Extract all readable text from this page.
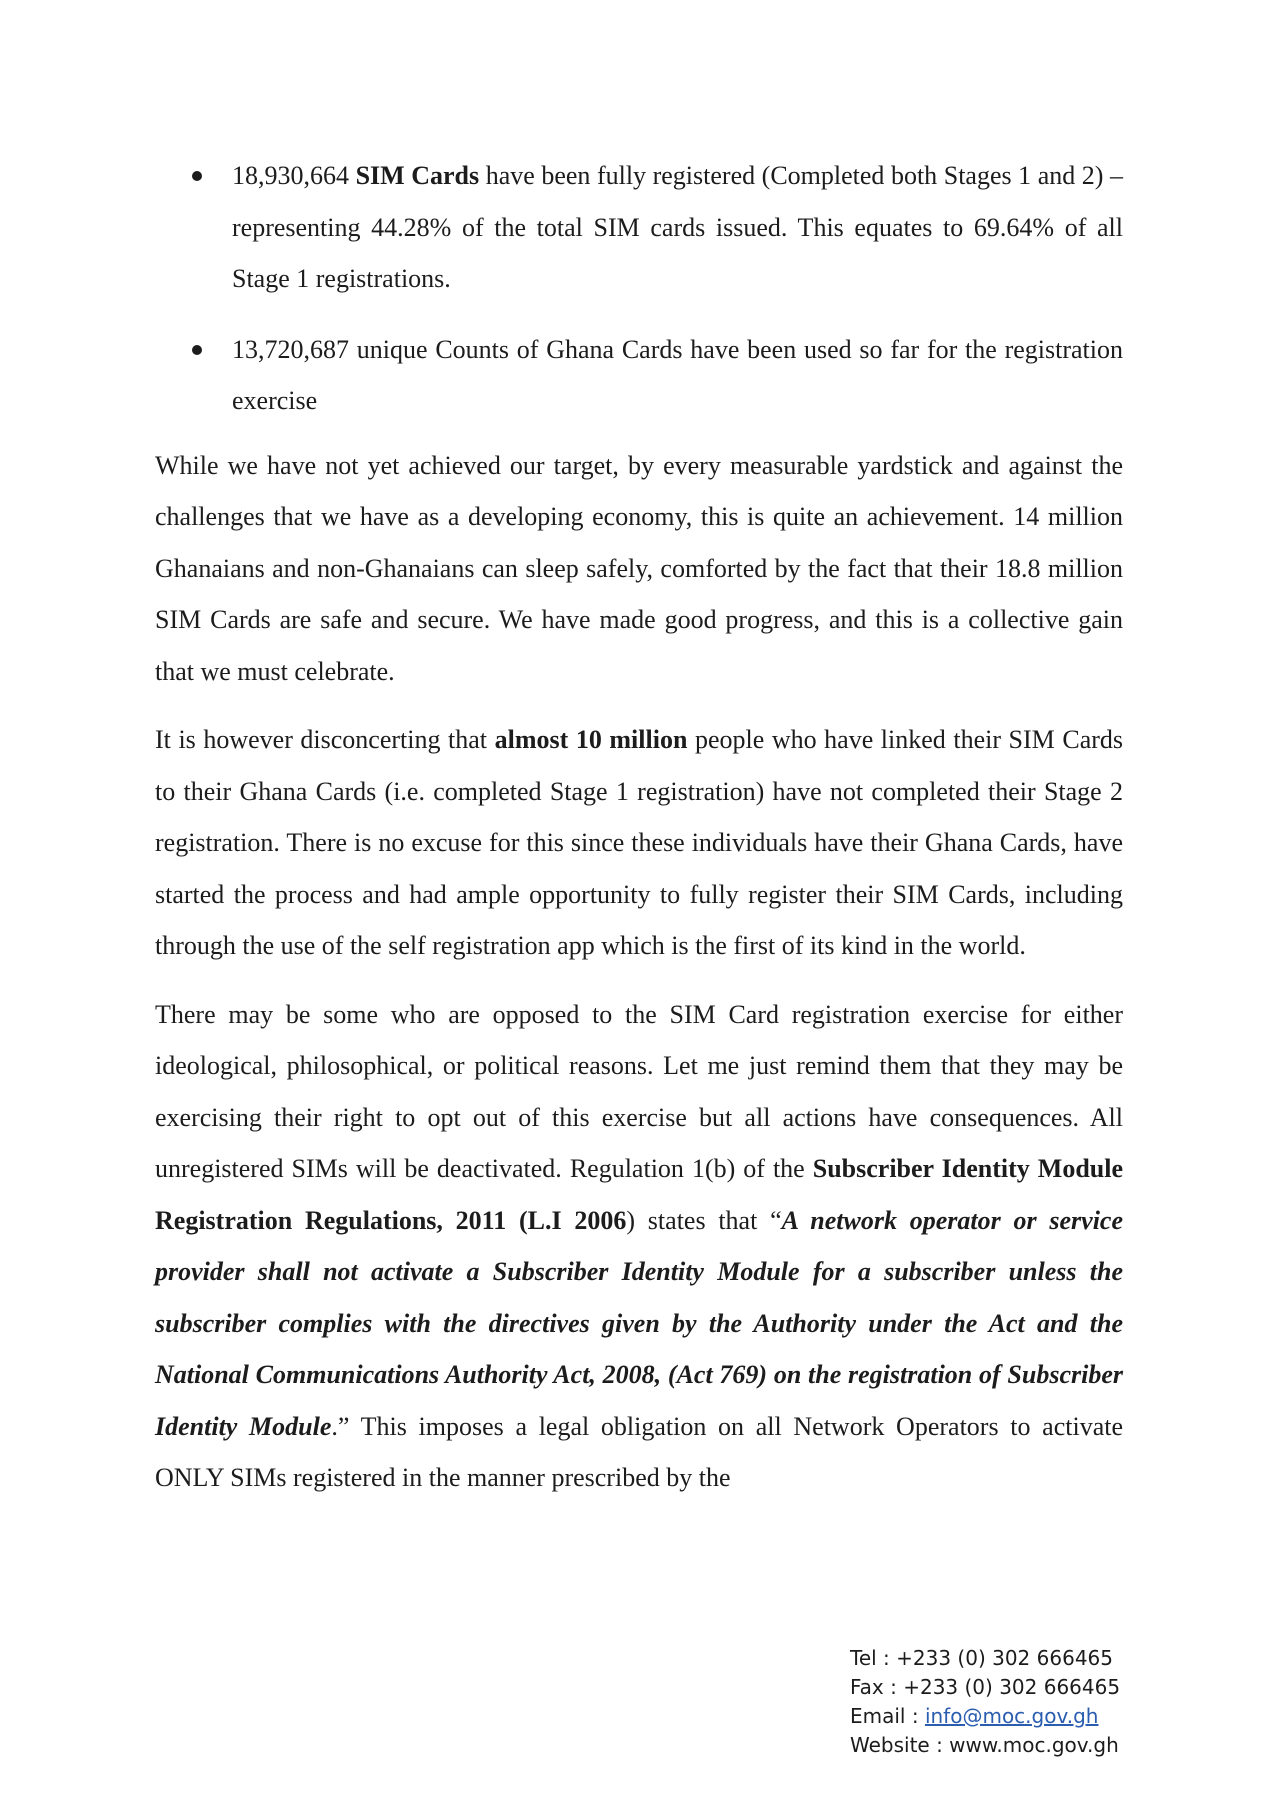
18,930,664 SIM Cards have been fully registered (Completed both Stages 1 and 2) – representing 44.28% of the total SIM cards issued. This equates to 69.64% of all Stage 1 registrations.
13,720,687 unique Counts of Ghana Cards have been used so far for the registration exercise

While we have not yet achieved our target, by every measurable yardstick and against the challenges that we have as a developing economy, this is quite an achievement. 14 million Ghanaians and non-Ghanaians can sleep safely, comforted by the fact that their 18.8 million SIM Cards are safe and secure. We have made good progress, and this is a collective gain that we must celebrate.

It is however disconcerting that almost 10 million people who have linked their SIM Cards to their Ghana Cards (i.e. completed Stage 1 registration) have not completed their Stage 2 registration. There is no excuse for this since these individuals have their Ghana Cards, have started the process and had ample opportunity to fully register their SIM Cards, including through the use of the self registration app which is the first of its kind in the world.

There may be some who are opposed to the SIM Card registration exercise for either ideological, philosophical, or political reasons. Let me just remind them that they may be exercising their right to opt out of this exercise but all actions have consequences. All unregistered SIMs will be deactivated. Regulation 1(b) of the Subscriber Identity Module Registration Regulations, 2011 (L.I 2006) states that “A network operator or service provider shall not activate a Subscriber Identity Module for a subscriber unless the subscriber complies with the directives given by the Authority under the Act and the National Communications Authority Act, 2008, (Act 769) on the registration of Subscriber Identity Module.” This imposes a legal obligation on all Network Operators to activate ONLY SIMs registered in the manner prescribed by the

Tel : +233 (0) 302 666465
Fax : +233 (0) 302 666465
Email : info@moc.gov.gh
Website : www.moc.gov.gh
